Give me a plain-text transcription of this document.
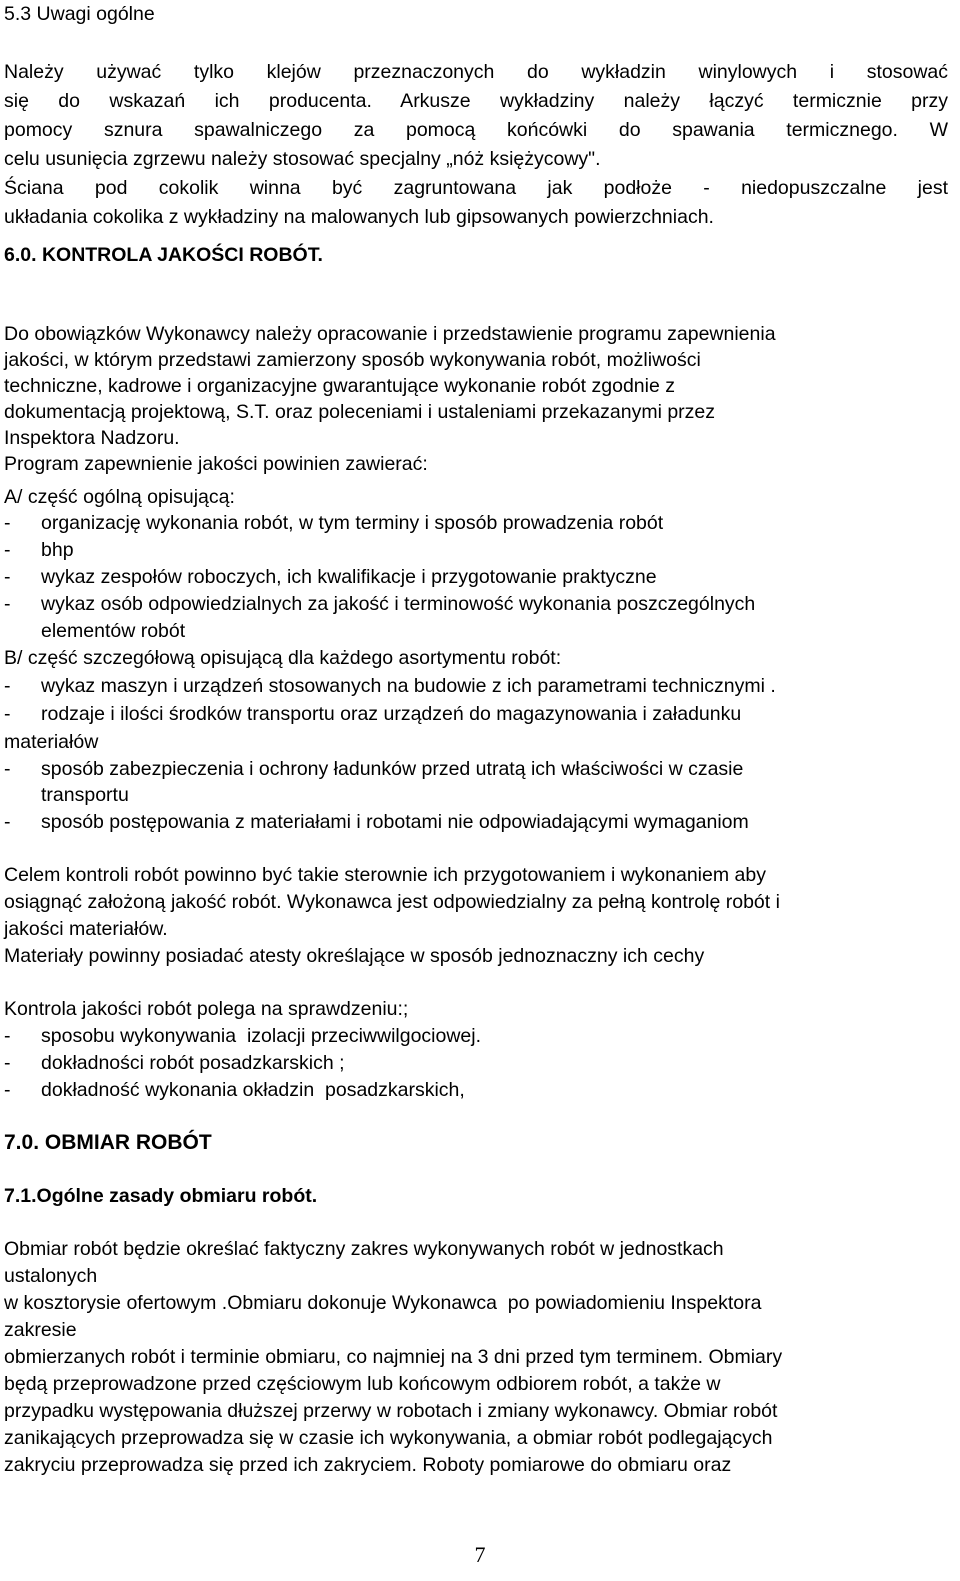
5.3 Uwagi ogólne
Należy używać tylko klejów przeznaczonych do wykładzin winylowych i stosować
się do wskazań ich producenta. Arkusze wykładziny należy łączyć termicznie przy
pomocy sznura spawalniczego za pomocą końcówki do spawania termicznego. W
celu usunięcia zgrzewu należy stosować specjalny „nóż księżycowy".
Ściana pod cokolik winna być zagruntowana jak podłoże - niedopuszczalne jest
układania cokolika z wykładziny na malowanych lub gipsowanych powierzchniach.
6.0. KONTROLA JAKOŚCI ROBÓT.
Do obowiązków Wykonawcy należy opracowanie i przedstawienie programu zapewnienia
jakości, w którym przedstawi zamierzony sposób wykonywania robót, możliwości
techniczne, kadrowe i organizacyjne gwarantujące wykonanie robót zgodnie z
dokumentacją projektową, S.T. oraz poleceniami i ustaleniami przekazanymi przez
Inspektora Nadzoru.
Program zapewnienie jakości powinien zawierać:
A/ część ogólną opisującą:
- organizację wykonania robót, w tym terminy i sposób prowadzenia robót
- bhp
- wykaz zespołów roboczych, ich kwalifikacje i przygotowanie praktyczne
- wykaz osób odpowiedzialnych za jakość i terminowość wykonania poszczególnych
elementów robót
B/ część szczegółową opisującą dla każdego asortymentu robót:
- wykaz maszyn i urządzeń stosowanych na budowie z ich parametrami technicznymi .
- rodzaje i ilości środków transportu oraz urządzeń do magazynowania i załadunku
materiałów
- sposób zabezpieczenia i ochrony ładunków przed utratą ich właściwości w czasie
transportu
- sposób postępowania z materiałami i robotami nie odpowiadającymi wymaganiom
Celem kontroli robót powinno być takie sterownie ich przygotowaniem i wykonaniem aby
osiągnąć założoną jakość robót. Wykonawca jest odpowiedzialny za pełną kontrolę robót i
jakości materiałów.
Materiały powinny posiadać atesty określające w sposób jednoznaczny ich cechy
Kontrola jakości robót polega na sprawdzeniu:;
- sposobu wykonywania  izolacji przeciwwilgociowej.
- dokładności robót posadzkarskich ;
- dokładność wykonania okładzin  posadzkarskich,
7.0. OBMIAR ROBÓT
7.1.Ogólne zasady obmiaru robót.
Obmiar robót będzie określać faktyczny zakres wykonywanych robót w jednostkach
ustalonych
w kosztorysie ofertowym .Obmiaru dokonuje Wykonawca  po powiadomieniu Inspektora
zakresie
obmierzanych robót i terminie obmiaru, co najmniej na 3 dni przed tym terminem. Obmiary
będą przeprowadzone przed częściowym lub końcowym odbiorem robót, a także w
przypadku występowania dłuższej przerwy w robotach i zmiany wykonawcy. Obmiar robót
zanikających przeprowadza się w czasie ich wykonywania, a obmiar robót podlegających
zakryciu przeprowadza się przed ich zakryciem. Roboty pomiarowe do obmiaru oraz
7
